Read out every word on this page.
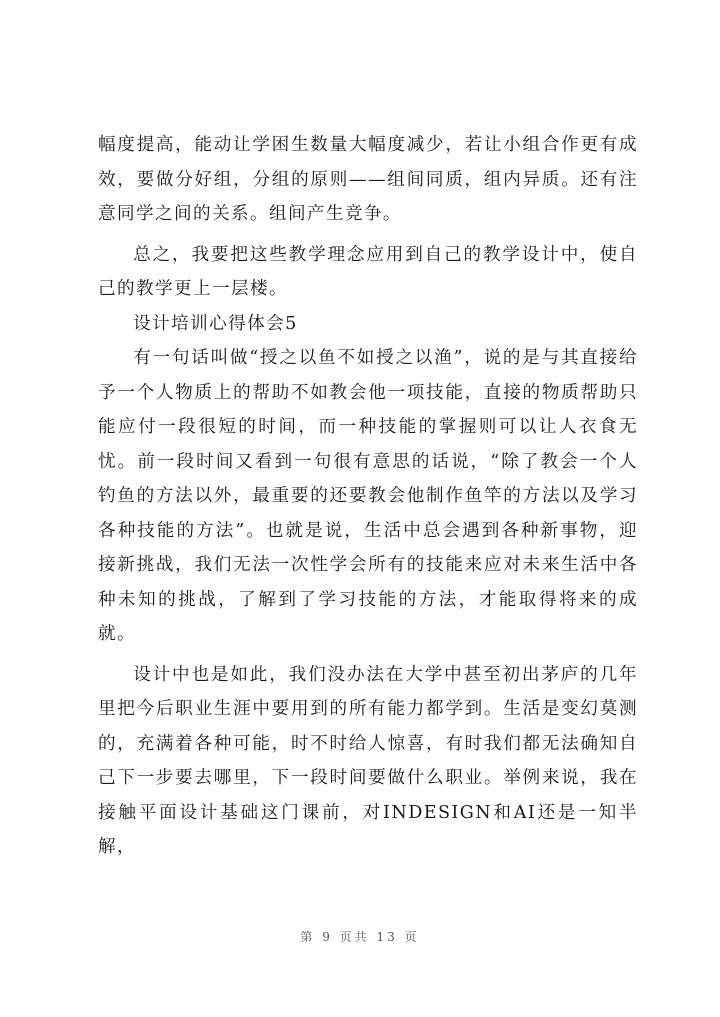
幅度提高，能动让学困生数量大幅度减少，若让小组合作更有成效，要做分好组，分组的原则——组间同质，组内异质。还有注意同学之间的关系。组间产生竞争。

总之，我要把这些教学理念应用到自己的教学设计中，使自己的教学更上一层楼。

设计培训心得体会5

有一句话叫做“授之以鱼不如授之以渔”，说的是与其直接给予一个人物质上的帮助不如教会他一项技能，直接的物质帮助只能应付一段很短的时间，而一种技能的掌握则可以让人衣食无忧。前一段时间又看到一句很有意思的话说，“除了教会一个人钓鱼的方法以外，最重要的还要教会他制作鱼竿的方法以及学习各种技能的方法”。也就是说，生活中总会遇到各种新事物，迎接新挑战，我们无法一次性学会所有的技能来应对未来生活中各种未知的挑战，了解到了学习技能的方法，才能取得将来的成就。

设计中也是如此，我们没办法在大学中甚至初出茅庐的几年里把今后职业生涯中要用到的所有能力都学到。生活是变幻莫测的，充满着各种可能，时不时给人惊喜，有时我们都无法确知自己下一步要去哪里，下一段时间要做什么职业。举例来说，我在接触平面设计基础这门课前，对INDESIGN和AI还是一知半解，

第 9 页共 13 页
